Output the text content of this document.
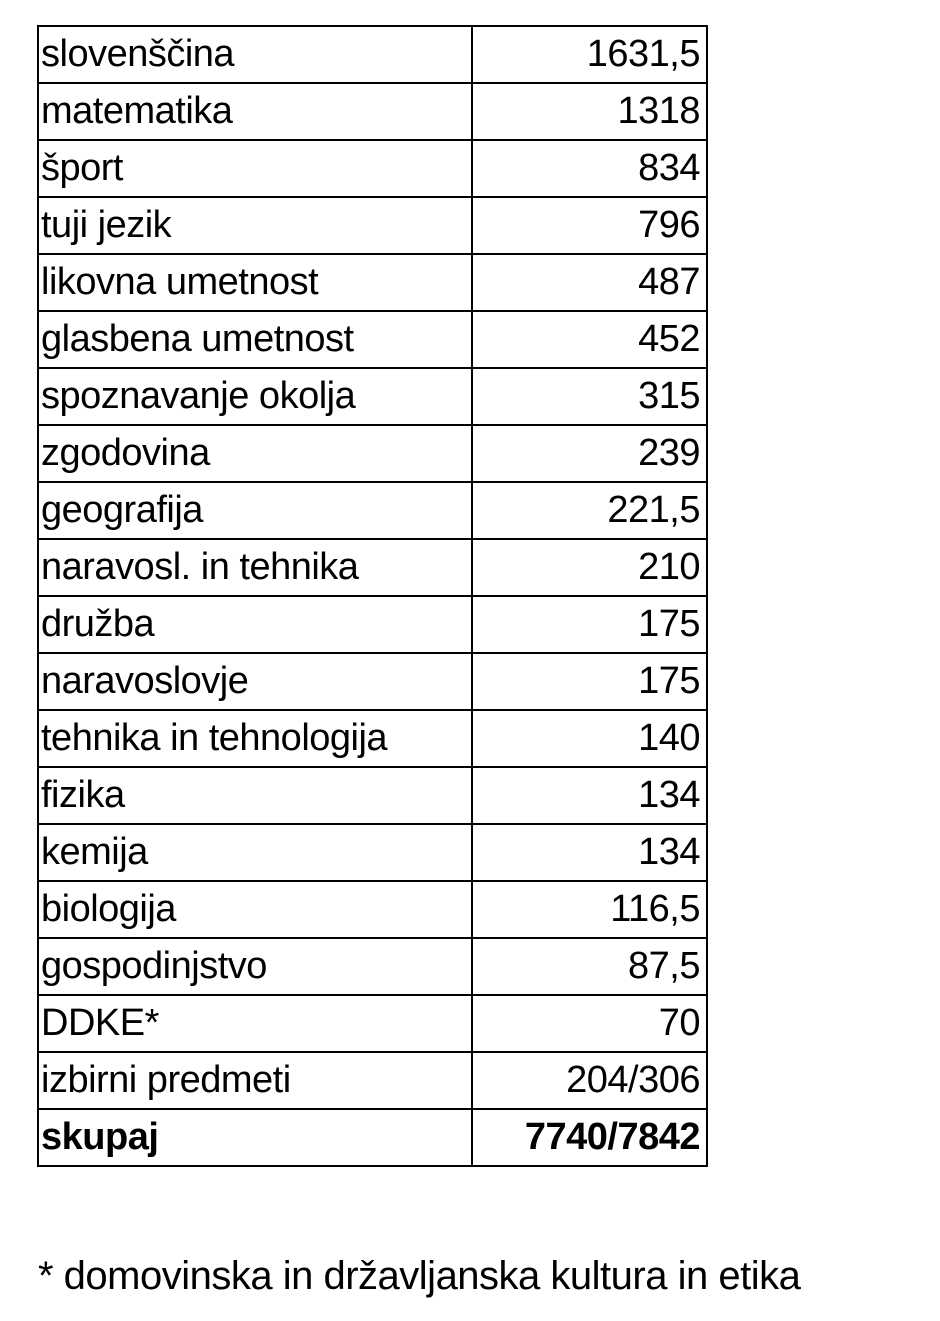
slovenščina	1631,5
matematika	1318
šport	834
tuji jezik	796
likovna umetnost	487
glasbena umetnost	452
spoznavanje okolja	315
zgodovina	239
geografija	221,5
naravosl. in tehnika	210
družba	175
naravoslovje	175
tehnika in tehnologija	140
fizika	134
kemija	134
biologija	116,5
gospodinjstvo	87,5
DDKE*	70
izbirni predmeti	204/306
skupaj	7740/7842
* domovinska in državljanska kultura in etika
